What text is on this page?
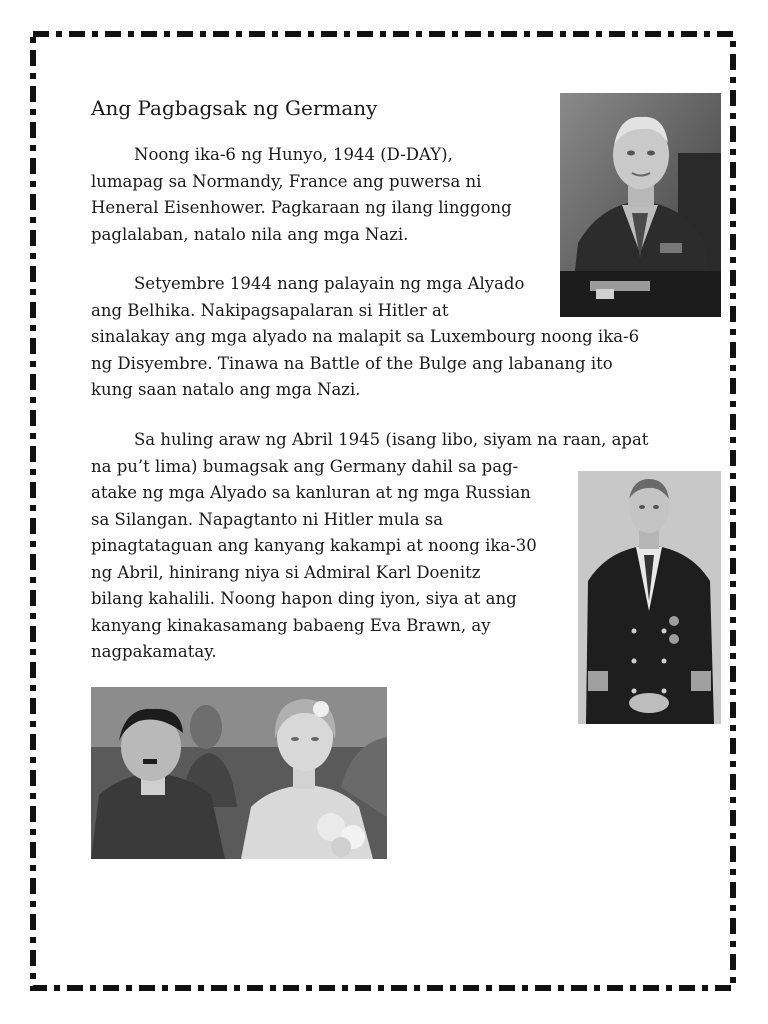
Ang Pagbagsak ng Germany

Noong ika-6 ng Hunyo, 1944 (D-DAY),
lumapag sa Normandy, France ang puwersa ni
Heneral Eisenhower. Pagkaraan ng ilang linggong
paglalaban, natalo nila ang mga Nazi.

Setyembre 1944 nang palayain ng mga Alyado
ang Belhika. Nakipagsapalaran si Hitler at
sinalakay ang mga alyado na malapit sa Luxembourg noong ika-6
ng Disyembre. Tinawa na Battle of the Bulge ang labanang ito
kung saan natalo ang mga Nazi.

Sa huling araw ng Abril 1945 (isang libo, siyam na raan, apat
na pu’t lima) bumagsak ang Germany dahil sa pag-
atake ng mga Alyado sa kanluran at ng mga Russian
sa Silangan. Napagtanto ni Hitler mula sa
pinagtataguan ang kanyang kakampi at noong ika-30
ng Abril, hinirang niya si Admiral Karl Doenitz
bilang kahalili. Noong hapon ding iyon, siya at ang
kanyang kinakasamang babaeng Eva Brawn, ay
nagpakamatay.
